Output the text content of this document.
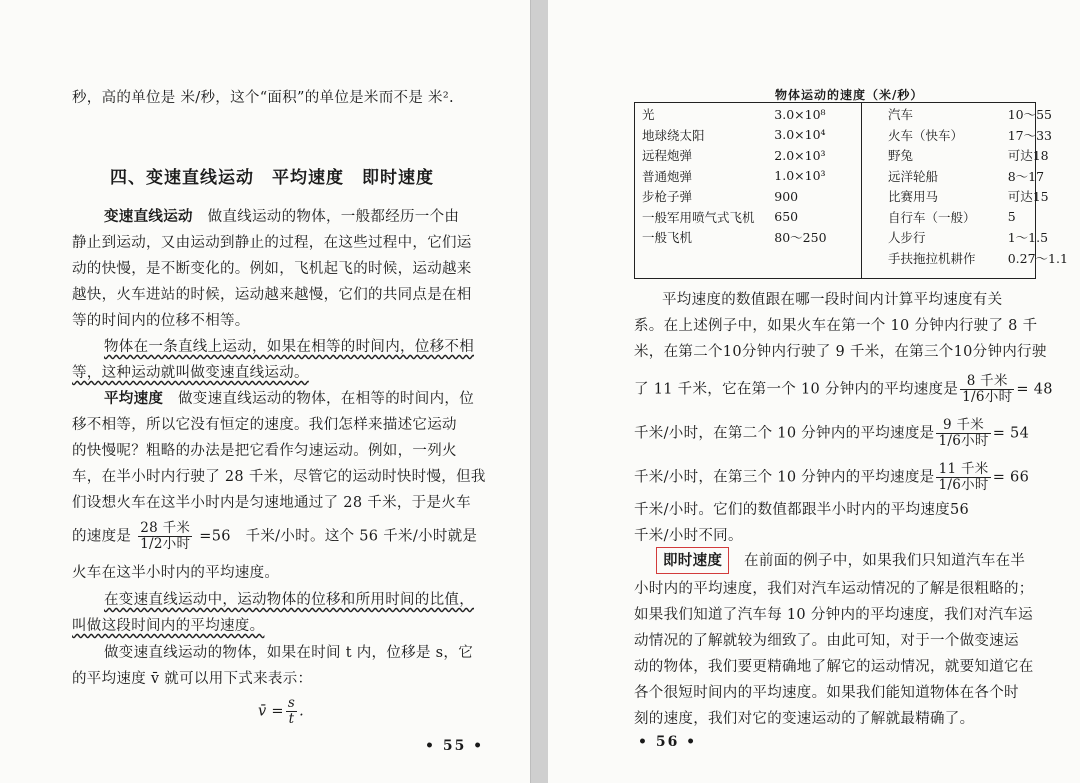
秒，高的单位是 米/秒，这个“面积”的单位是米而不是 米².
四、变速直线运动　平均速度　即时速度
变速直线运动　做直线运动的物体，一般都经历一个由
静止到运动，又由运动到静止的过程，在这些过程中，它们运
动的快慢，是不断变化的。例如，飞机起飞的时候，运动越来
越快，火车进站的时候，运动越来越慢，它们的共同点是在相
等的时间内的位移不相等。
物体在一条直线上运动，如果在相等的时间内，位移不相
等，这种运动就叫做变速直线运动。
平均速度　做变速直线运动的物体，在相等的时间内，位
移不相等，所以它没有恒定的速度。我们怎样来描述它运动
的快慢呢？粗略的办法是把它看作匀速运动。例如，一列火
车，在半小时内行驶了 28 千米，尽管它的运动时快时慢，但我
们设想火车在这半小时内是匀速地通过了 28 千米，于是火车
的速度是 $\frac{\text{28 千米}}{\text{1/2小时}} =56$　千米/小时。这个 56 千米/小时就是
火车在这半小时内的平均速度。
在变速直线运动中，运动物体的位移和所用时间的比值，
叫做这段时间内的平均速度。
做变速直线运动的物体，如果在时间 t 内，位移是 s，它
的平均速度 v̄ 就可以用下式来表示：
v̄ = $\frac{s}{t}$ .
• 55 •
物体运动的速度（米/秒）
光	3.0×10⁸	汽车	10～55
地球绕太阳	3.0×10⁴	火车（快车）	17～33
远程炮弹	2.0×10³	野兔	可达18
普通炮弹	1.0×10³	远洋轮船	8～17
步枪子弹	900	比赛用马	可达15
一般军用喷气式飞机	650	自行车（一般）	5
一般飞机	80～250	人步行	1～1.5
		手扶拖拉机耕作	0.27～1.1
平均速度的数值跟在哪一段时间内计算平均速度有关
系。在上述例子中，如果火车在第一个 10 分钟内行驶了 8 千
米，在第二个10分钟内行驶了 9 千米，在第三个10分钟内行驶
了 11 千米，它在第一个 10 分钟内的平均速度是 $\frac{\text{8 千米}}{\text{1/6小时}} = 48$
千米/小时，在第二个 10 分钟内的平均速度是 $\frac{\text{9 千米}}{\text{1/6小时}} = 54$
千米/小时，在第三个 10 分钟内的平均速度是 $\frac{\text{11 千米}}{\text{1/6小时}} = 66$
千米/小时。它们的数值都跟半小时内的平均速度56
千米/小时不同。
即时速度　 在前面的例子中，如果我们只知道汽车在半
小时内的平均速度，我们对汽车运动情况的了解是很粗略的；
如果我们知道了汽车每 10 分钟内的平均速度，我们对汽车运
动情况的了解就较为细致了。由此可知，对于一个做变速运
动的物体，我们要更精确地了解它的运动情况，就要知道它在
各个很短时间内的平均速度。如果我们能知道物体在各个时
刻的速度，我们对它的变速运动的了解就最精确了。
• 56 •
